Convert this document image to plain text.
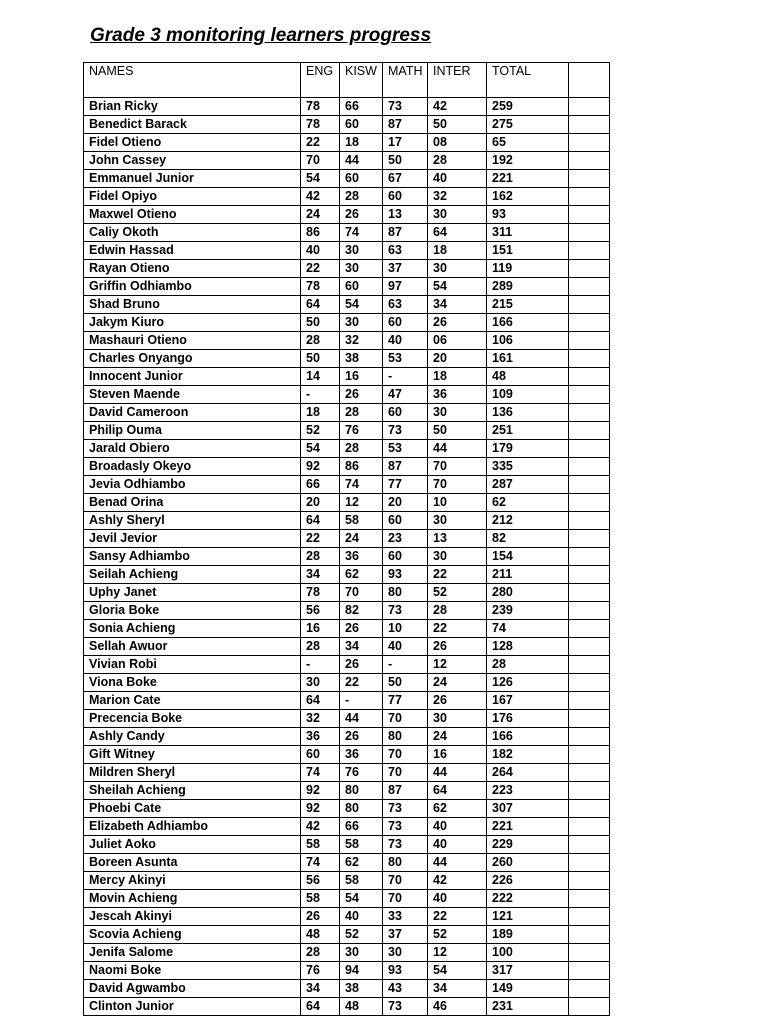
Grade 3 monitoring learners progress
NAMES	ENG	KISW	MATH	INTER	TOTAL	
Brian Ricky	78	66	73	42	259	
Benedict Barack	78	60	87	50	275	
Fidel Otieno	22	18	17	08	65	
John Cassey	70	44	50	28	192	
Emmanuel Junior	54	60	67	40	221	
Fidel Opiyo	42	28	60	32	162	
Maxwel Otieno	24	26	13	30	93	
Caliy Okoth	86	74	87	64	311	
Edwin Hassad	40	30	63	18	151	
Rayan Otieno	22	30	37	30	119	
Griffin Odhiambo	78	60	97	54	289	
Shad Bruno	64	54	63	34	215	
Jakym Kiuro	50	30	60	26	166	
Mashauri Otieno	28	32	40	06	106	
Charles Onyango	50	38	53	20	161	
Innocent Junior	14	16	-	18	48	
Steven Maende	-	26	47	36	109	
David Cameroon	18	28	60	30	136	
Philip Ouma	52	76	73	50	251	
Jarald Obiero	54	28	53	44	179	
Broadasly Okeyo	92	86	87	70	335	
Jevia Odhiambo	66	74	77	70	287	
Benad Orina	20	12	20	10	62	
Ashly Sheryl	64	58	60	30	212	
Jevil Jevior	22	24	23	13	82	
Sansy Adhiambo	28	36	60	30	154	
Seilah Achieng	34	62	93	22	211	
Uphy Janet	78	70	80	52	280	
Gloria Boke	56	82	73	28	239	
Sonia Achieng	16	26	10	22	74	
Sellah Awuor	28	34	40	26	128	
Vivian Robi	-	26	-	12	28	
Viona Boke	30	22	50	24	126	
Marion Cate	64	-	77	26	167	
Precencia Boke	32	44	70	30	176	
Ashly Candy	36	26	80	24	166	
Gift Witney	60	36	70	16	182	
Mildren Sheryl	74	76	70	44	264	
Sheilah Achieng	92	80	87	64	223	
Phoebi Cate	92	80	73	62	307	
Elizabeth Adhiambo	42	66	73	40	221	
Juliet Aoko	58	58	73	40	229	
Boreen Asunta	74	62	80	44	260	
Mercy Akinyi	56	58	70	42	226	
Movin Achieng	58	54	70	40	222	
Jescah Akinyi	26	40	33	22	121	
Scovia Achieng	48	52	37	52	189	
Jenifa Salome	28	30	30	12	100	
Naomi Boke	76	94	93	54	317	
David Agwambo	34	38	43	34	149	
Clinton Junior	64	48	73	46	231	
